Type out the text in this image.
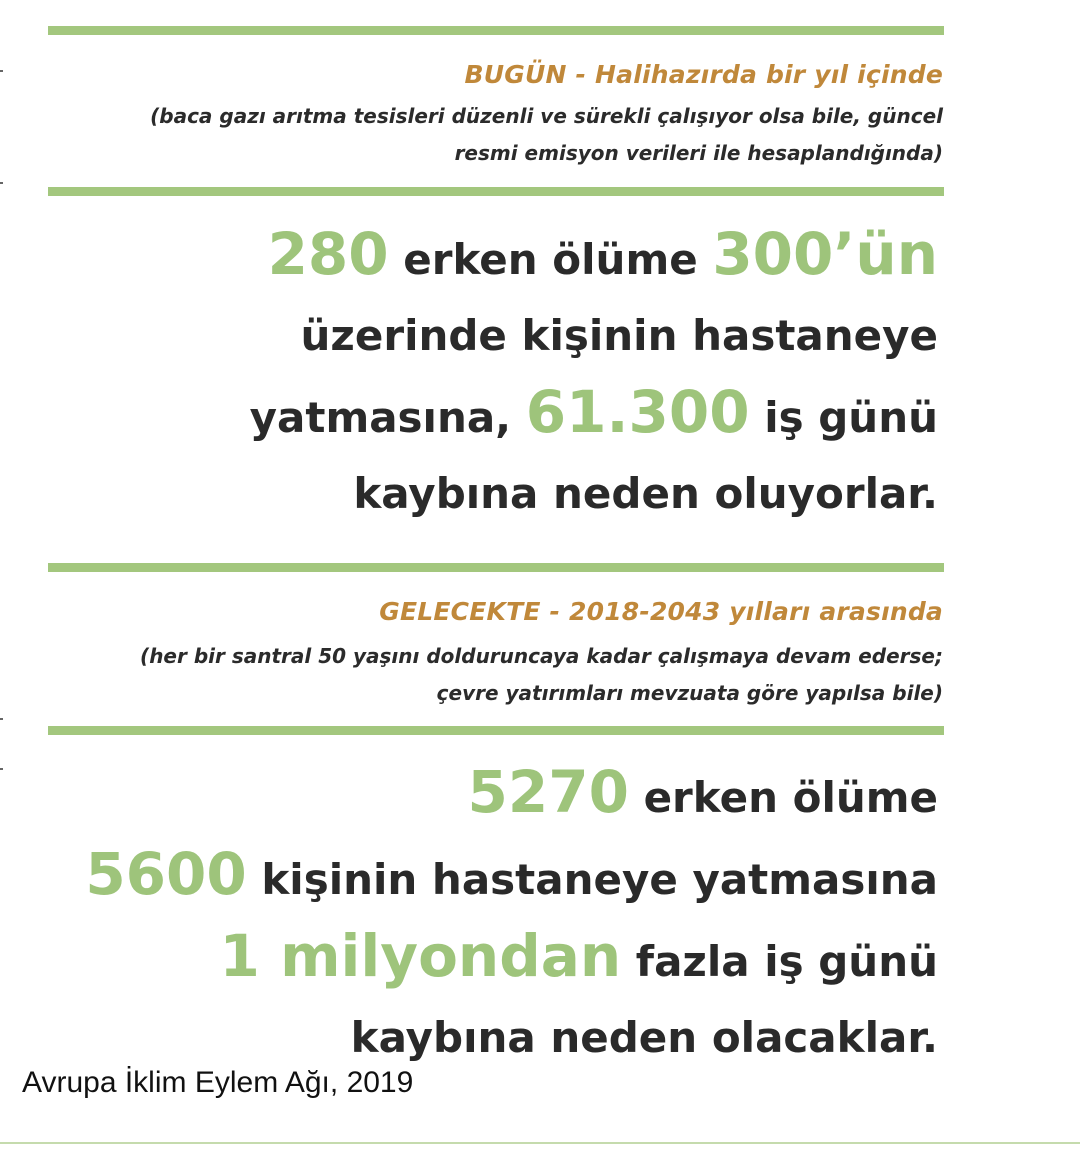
BUGÜN - Halihazırda bir yıl içinde
(baca gazı arıtma tesisleri düzenli ve sürekli çalışıyor olsa bile, güncel
resmi emisyon verileri ile hesaplandığında)
280 erken ölüme 300’ün
üzerinde kişinin hastaneye
yatmasına, 61.300 iş günü
kaybına neden oluyorlar.
GELECEKTE - 2018-2043 yılları arasında
(her bir santral 50 yaşını dolduruncaya kadar çalışmaya devam ederse;
çevre yatırımları mevzuata göre yapılsa bile)
5270 erken ölüme
5600 kişinin hastaneye yatmasına
1 milyondan fazla iş günü
kaybına neden olacaklar.
Avrupa İklim Eylem Ağı, 2019
